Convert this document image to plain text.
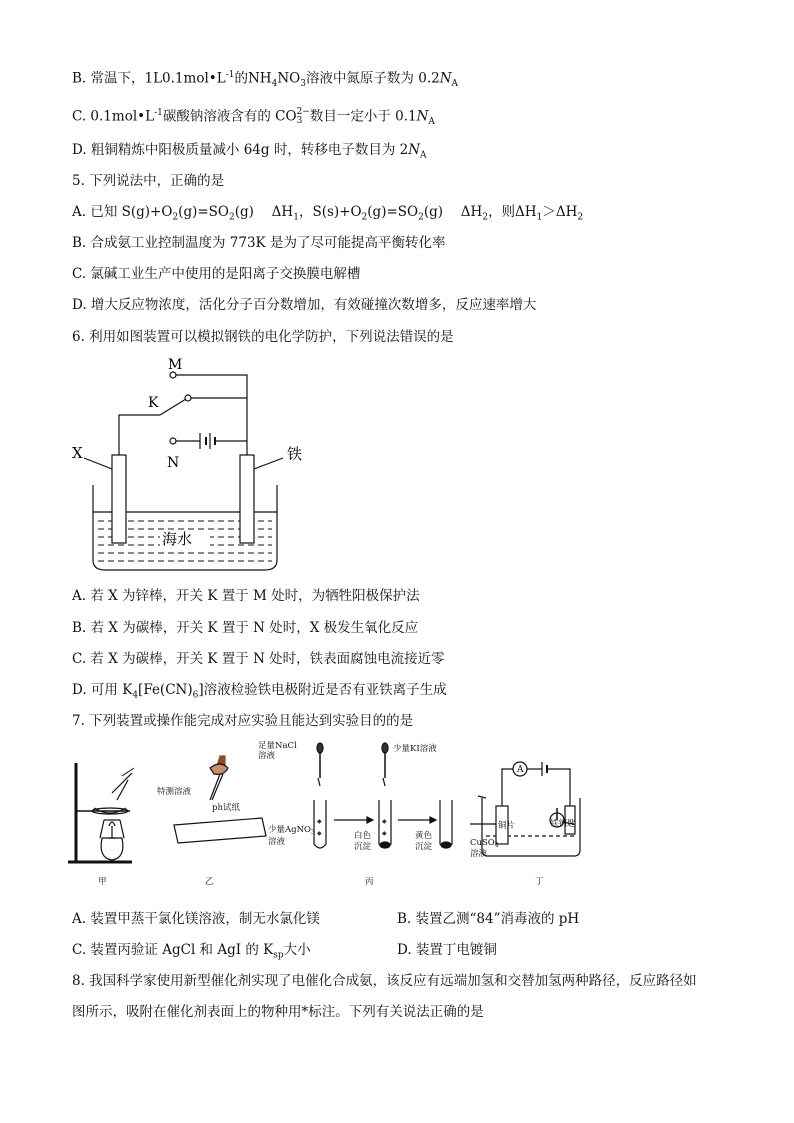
B. 常温下，$1L0.1mol•L^{-1}$的$NH_4NO_3$溶液中氮原子数为 $0.2N_A$
C. $0.1mol•L^{-1}$碳酸钠溶液含有的 CO 2−
3 数目一定小于 $0.1N_A$
D. 粗铜精炼中阳极质量减小 64g 时，转移电子数目为 $2N_A$
5. 下列说法中，正确的是
A. 已知 $S(g)+O_2(g)=SO_2(g)$　 $\Delta H_1$，$S(s)+O_2(g)=SO_2(g)$　 $\Delta H_2$，则$\Delta H_1>\Delta H_2$
B. 合成氨工业控制温度为 773K 是为了尽可能提高平衡转化率
C. 氯碱工业生产中使用的是阳离子交换膜电解槽
D. 增大反应物浓度，活化分子百分数增加，有效碰撞次数增多，反应速率增大
6. 利用如图装置可以模拟钢铁的电化学防护，下列说法错误的是
M
K
N
X	铁
海水
A. 若 X 为锌棒，开关 K 置于 M 处时，为牺牲阳极保护法
B. 若 X 为碳棒，开关 K 置于 N 处时，X 极发生氧化反应
C. 若 X 为碳棒，开关 K 置于 N 处时，铁表面腐蚀电流接近零
D. 可用 $K_4[Fe(CN)_6]$溶液检验铁电极附近是否有亚铁离子生成
7. 下列装置或操作能完成对应实验且能达到实验目的的是
◆
◆
◆
◆
甲	乙	丙	丁
特测溶液
ph试纸
足量NaCl
溶液
少量KI溶液
少量AgNO$_3$
溶液
白色
沉淀
黄色
沉淀
A
铜片	铁钥匙
CuSO$_4$
溶液
A. 装置甲蒸干氯化镁溶液，制无水氯化镁	B. 装置乙测“84”消毒液的 pH
C. 装置丙验证 AgCl 和 AgI 的 $K_{sp}$大小	D. 装置丁电镀铜
8. 我国科学家使用新型催化剂实现了电催化合成氨，该反应有远端加氢和交替加氢两种路径，反应路径如
图所示，吸附在催化剂表面上的物种用*标注。下列有关说法正确的是
